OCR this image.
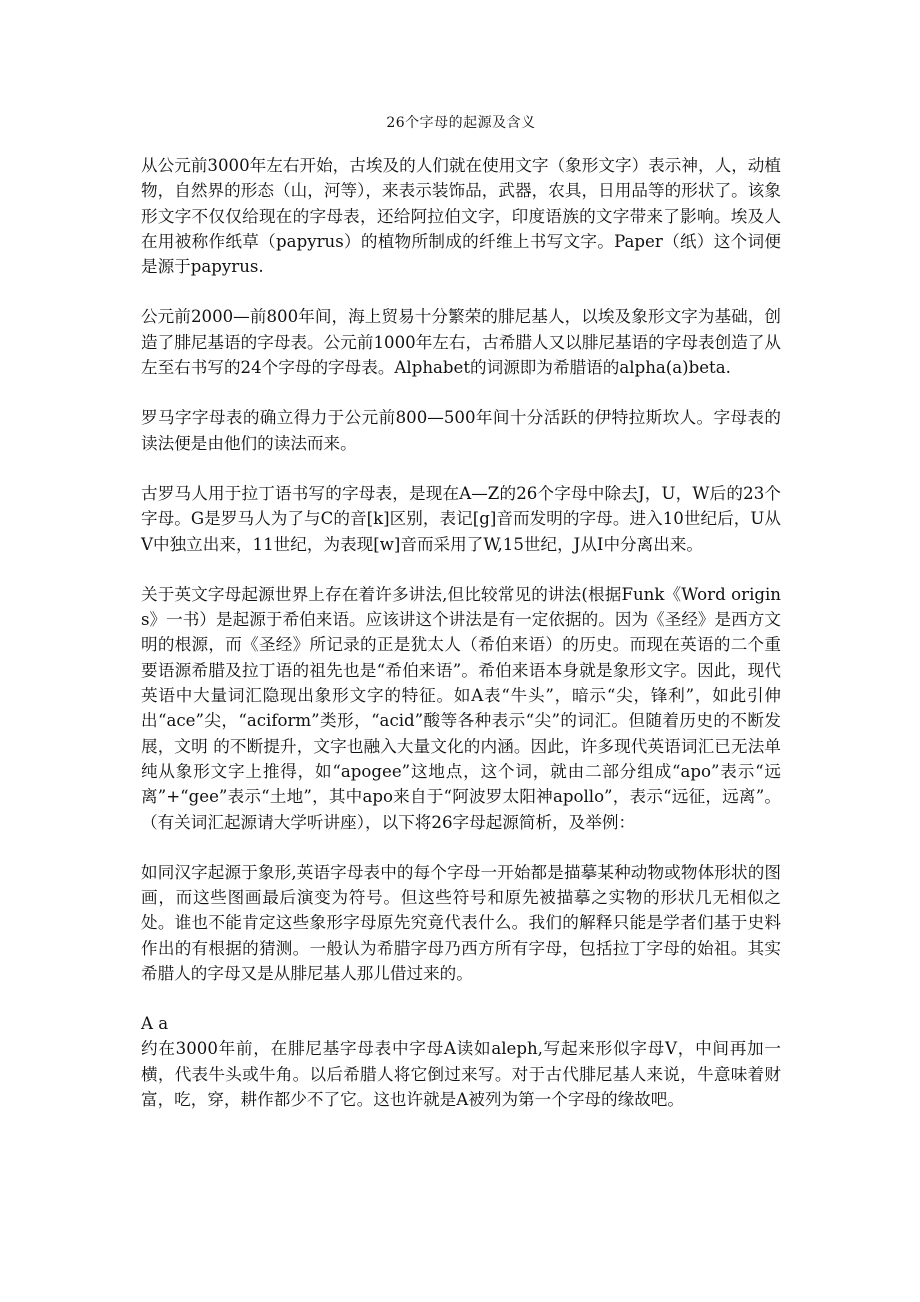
26个字母的起源及含义

从公元前3000年左右开始，古埃及的人们就在使用文字（象形文字）表示神，人，动植物，自然界的形态（山，河等），来表示装饰品，武器，农具，日用品等的形状了。该象形文字不仅仅给现在的字母表，还给阿拉伯文字，印度语族的文字带来了影响。埃及人在用被称作纸草（papyrus）的植物所制成的纤维上书写文字。Paper（纸）这个词便是源于papyrus.

公元前2000—前800年间，海上贸易十分繁荣的腓尼基人，以埃及象形文字为基础，创造了腓尼基语的字母表。公元前1000年左右，古希腊人又以腓尼基语的字母表创造了从左至右书写的24个字母的字母表。Alphabet的词源即为希腊语的alpha(a)beta.

罗马字字母表的确立得力于公元前800—500年间十分活跃的伊特拉斯坎人。字母表的读法便是由他们的读法而来。

古罗马人用于拉丁语书写的字母表，是现在A—Z的26个字母中除去J，U，W后的23个字母。G是罗马人为了与C的音[k]区别，表记[g]音而发明的字母。进入10世纪后，U从V中独立出来，11世纪，为表现[w]音而采用了W,15世纪，J从I中分离出来。

关于英文字母起源世界上存在着许多讲法,但比较常见的讲法(根据Funk《Word origins》一书）是起源于希伯来语。应该讲这个讲法是有一定依据的。因为《圣经》是西方文明的根源，而《圣经》所记录的正是犹太人（希伯来语）的历史。而现在英语的二个重要语源希腊及拉丁语的祖先也是“希伯来语”。希伯来语本身就是象形文字。因此，现代英语中大量词汇隐现出象形文字的特征。如A表“牛头”，暗示“尖，锋利”，如此引伸出“ace”尖，“aciform”类形，“acid”酸等各种表示“尖”的词汇。但随着历史的不断发展，文明 的不断提升，文字也融入大量文化的内涵。因此，许多现代英语词汇已无法单纯从象形文字上推得，如“apogee”这地点，这个词，就由二部分组成“apo”表示“远离”+“gee”表示“土地”，其中apo来自于“阿波罗太阳神apollo”，表示“远征，远离”。（有关词汇起源请大学听讲座），以下将26字母起源简析，及举例：

如同汉字起源于象形,英语字母表中的每个字母一开始都是描摹某种动物或物体形状的图画，而这些图画最后演变为符号。但这些符号和原先被描摹之实物的形状几无相似之处。谁也不能肯定这些象形字母原先究竟代表什么。我们的解释只能是学者们基于史料作出的有根据的猜测。一般认为希腊字母乃西方所有字母，包括拉丁字母的始祖。其实希腊人的字母又是从腓尼基人那儿借过来的。

A a

约在3000年前，在腓尼基字母表中字母A读如aleph,写起来形似字母V，中间再加一横，代表牛头或牛角。以后希腊人将它倒过来写。对于古代腓尼基人来说，牛意味着财富，吃，穿，耕作都少不了它。这也许就是A被列为第一个字母的缘故吧。
